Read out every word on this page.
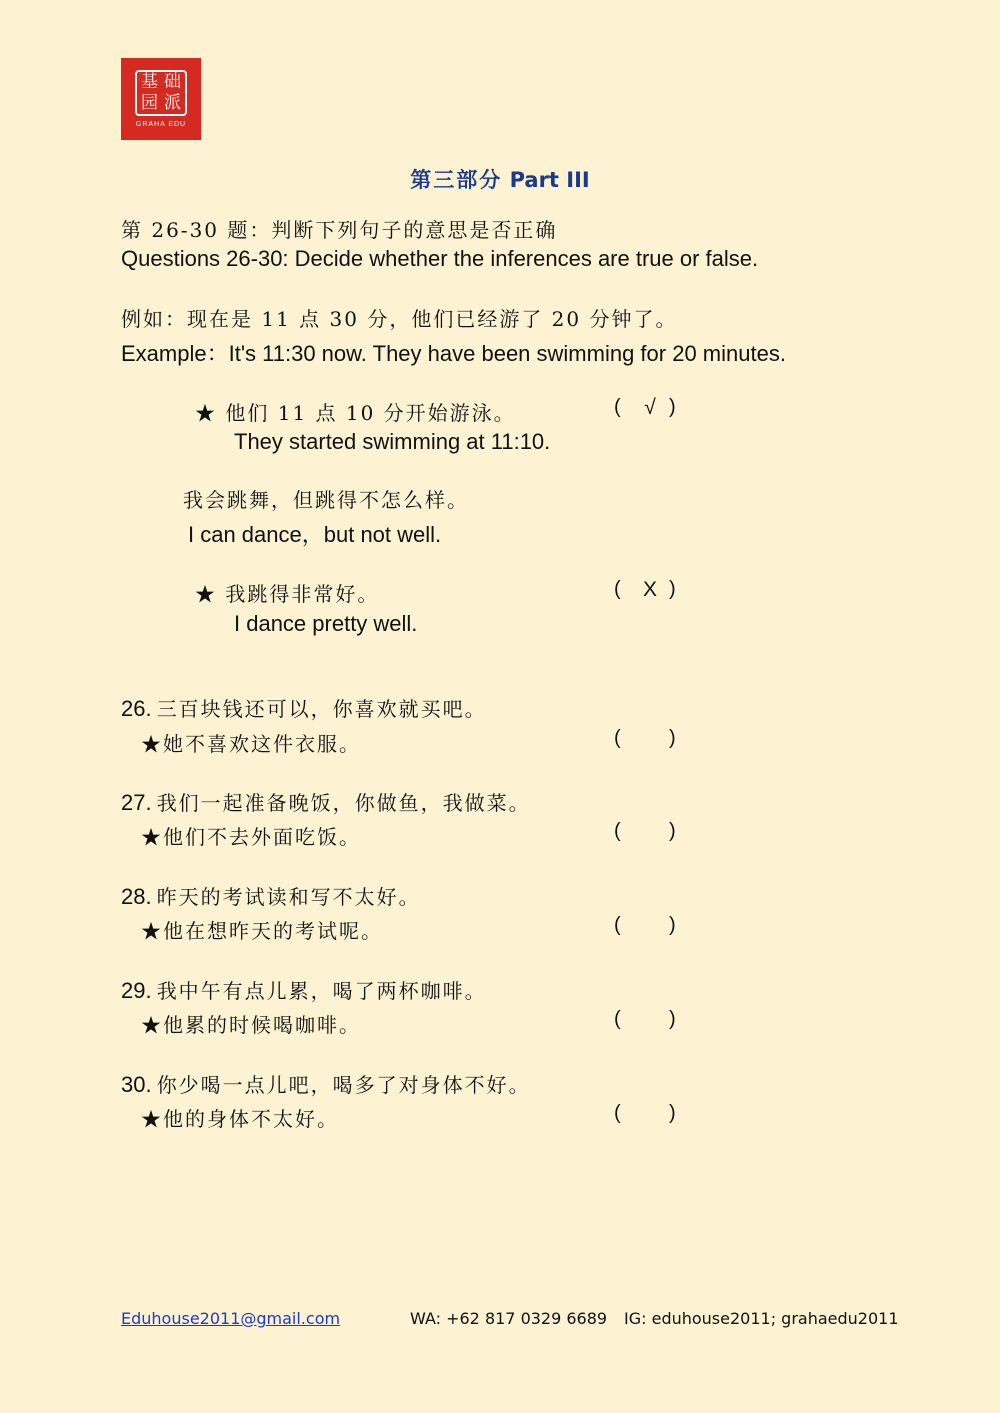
基 础
园 派
GRAHA EDU
第三部分 Part III
第 26-30 题：判断下列句子的意思是否正确
Questions 26-30: Decide whether the inferences are true or false.
例如：现在是 11 点 30 分，他们已经游了 20 分钟了。
Example：It's 11:30 now. They have been swimming for 20 minutes.
★ 他们 11 点 10 分开始游泳。
They started swimming at 11:10.
( √ )
我会跳舞，但跳得不怎么样。
I can dance，but not well.
★ 我跳得非常好。
I dance pretty well.
( X )
26. 三百块钱还可以，你喜欢就买吧。
★她不喜欢这件衣服。	( )
27. 我们一起准备晚饭，你做鱼，我做菜。
★他们不去外面吃饭。	( )
28. 昨天的考试读和写不太好。
★他在想昨天的考试呢。	( )
29. 我中午有点儿累，喝了两杯咖啡。
★他累的时候喝咖啡。	( )
30. 你少喝一点儿吧，喝多了对身体不好。
★他的身体不太好。	( )
Eduhouse2011@gmail.com	WA: +62 817 0329 6689 IG: eduhouse2011; grahaedu2011
